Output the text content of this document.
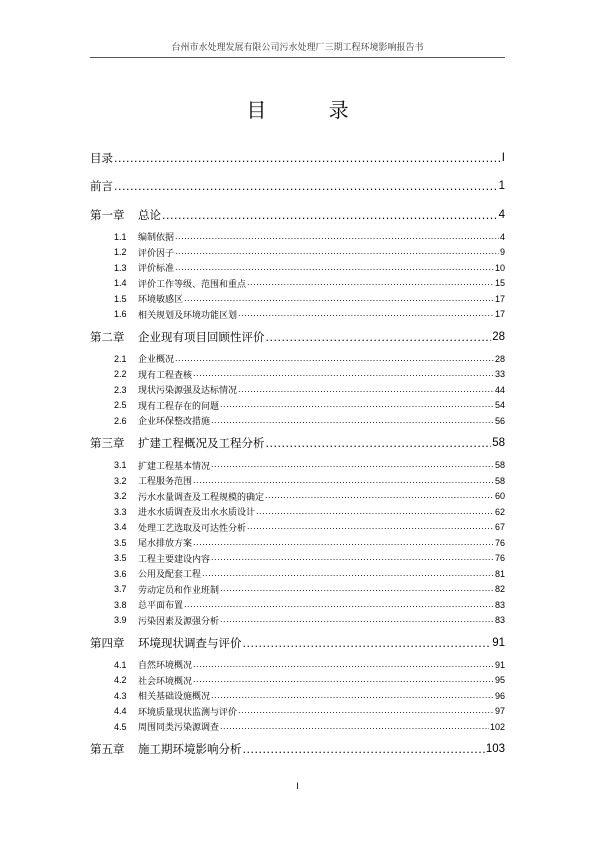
台州市水处理发展有限公司污水处理厂三期工程环境影响报告书
目 录
目录 .....	I
前言 .....	1
第一章	总论 .....	4
1.1	编制依据 .....	4
1.2	评价因子 .....	9
1.3	评价标准 .....	10
1.4	评价工作等级、范围和重点 .....	15
1.5	环境敏感区 .....	17
1.6	相关规划及环境功能区划 .....	17
第二章	企业现有项目回顾性评价 .....	28
2.1	企业概况 .....	28
2.2	现有工程查核 .....	33
2.3	现状污染源强及达标情况 .....	44
2.5	现有工程存在的问题 .....	54
2.6	企业环保整改措施 .....	56
第三章	扩建工程概况及工程分析 .....	58
3.1	扩建工程基本情况 .....	58
3.2	工程服务范围 .....	58
3.2	污水水量调查及工程规模的确定 .....	60
3.3	进水水质调查及出水水质设计 .....	62
3.4	处理工艺选取及可达性分析 .....	67
3.5	尾水排放方案 .....	76
3.5	工程主要建设内容 .....	76
3.6	公用及配套工程 .....	81
3.7	劳动定员和作业班制 .....	82
3.8	总平面布置 .....	83
3.9	污染因素及源强分析 .....	83
第四章	环境现状调查与评价 .....	91
4.1	自然环境概况 .....	91
4.2	社会环境概况 .....	95
4.3	相关基础设施概况 .....	96
4.4	环境质量现状监测与评价 .....	97
4.5	周围同类污染源调查 .....	102
第五章	施工期环境影响分析 .....	103
I
